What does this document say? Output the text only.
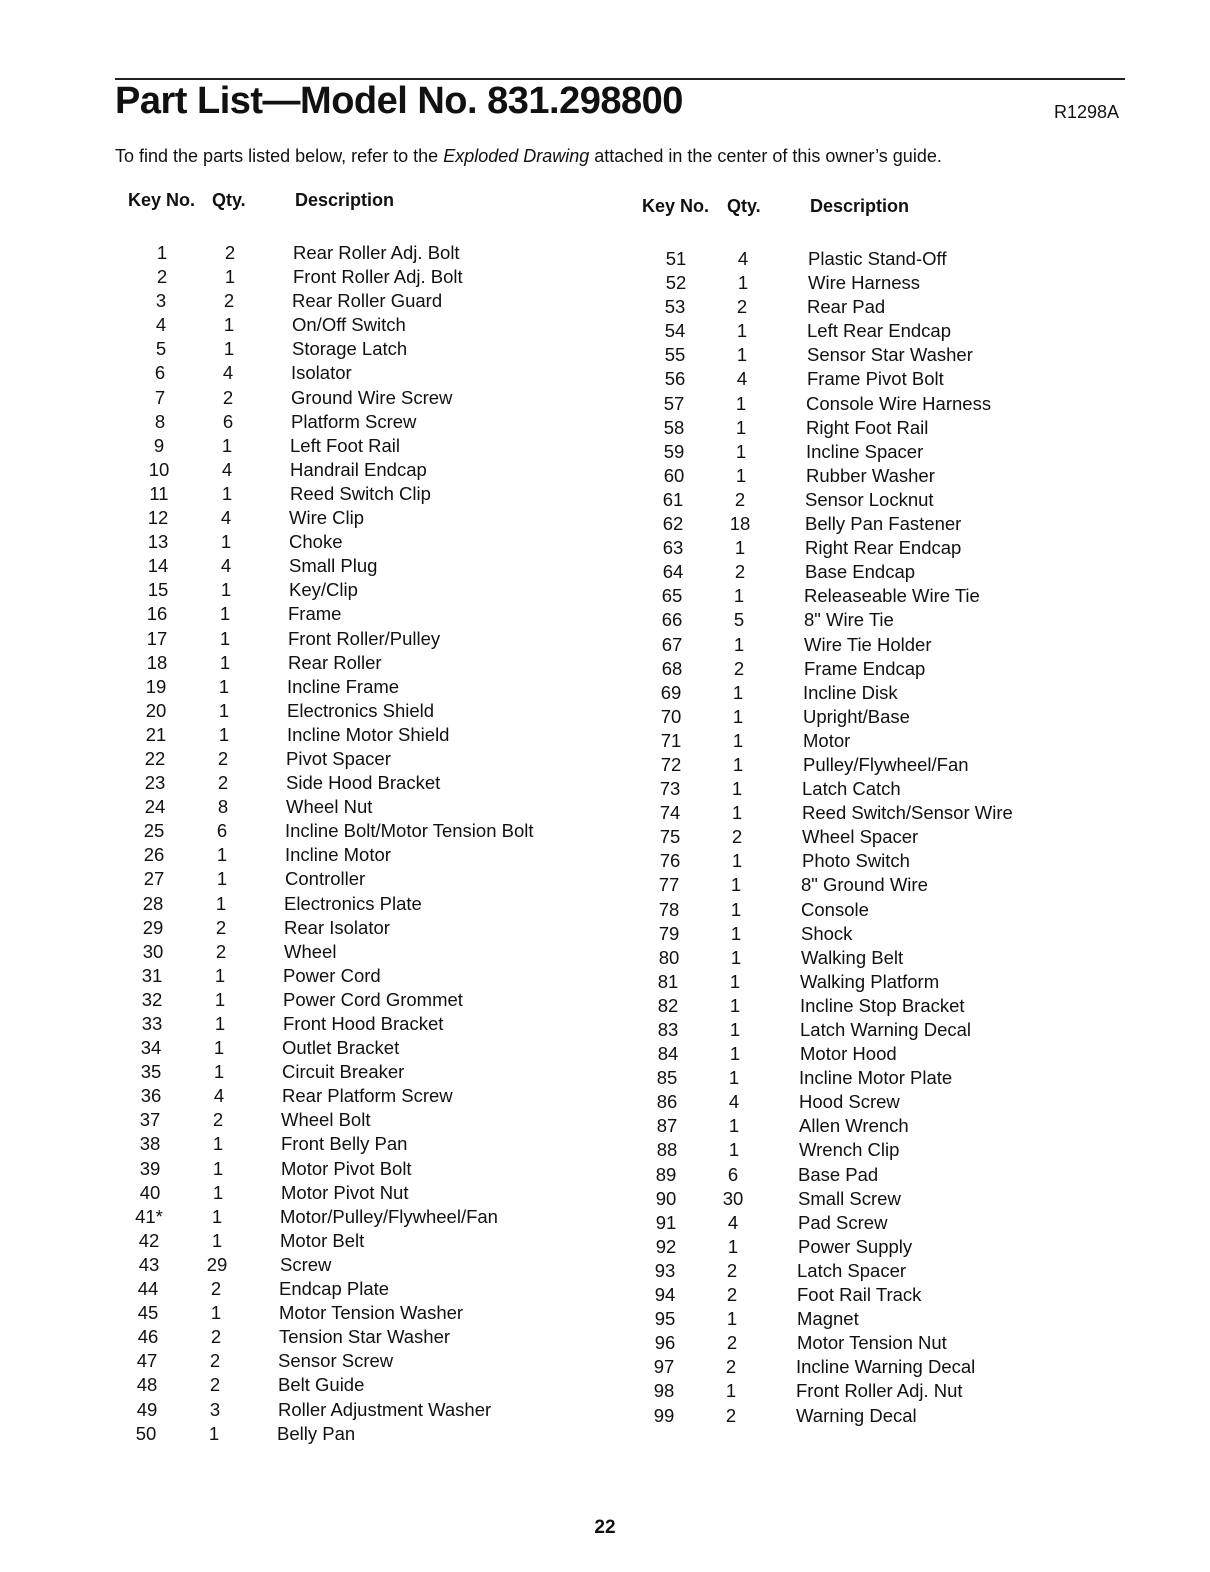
Part List—Model No. 831.298800	R1298A
To find the parts listed below, refer to the Exploded Drawing attached in the center of this owner’s guide.
Key No. Qty.	Description
1	2	Rear Roller Adj. Bolt
2	1	Front Roller Adj. Bolt
3	2	Rear Roller Guard
4	1	On/Off Switch
5	1	Storage Latch
6	4	Isolator
7	2	Ground Wire Screw
8	6	Platform Screw
9	1	Left Foot Rail
10	4	Handrail Endcap
11	1	Reed Switch Clip
12	4	Wire Clip
13	1	Choke
14	4	Small Plug
15	1	Key/Clip
16	1	Frame
17	1	Front Roller/Pulley
18	1	Rear Roller
19	1	Incline Frame
20	1	Electronics Shield
21	1	Incline Motor Shield
22	2	Pivot Spacer
23	2	Side Hood Bracket
24	8	Wheel Nut
25	6	Incline Bolt/Motor Tension Bolt
26	1	Incline Motor
27	1	Controller
28	1	Electronics Plate
29	2	Rear Isolator
30	2	Wheel
31	1	Power Cord
32	1	Power Cord Grommet
33	1	Front Hood Bracket
34	1	Outlet Bracket
35	1	Circuit Breaker
36	4	Rear Platform Screw
37	2	Wheel Bolt
38	1	Front Belly Pan
39	1	Motor Pivot Bolt
40	1	Motor Pivot Nut
41*	1	Motor/Pulley/Flywheel/Fan
42	1	Motor Belt
43	29	Screw
44	2	Endcap Plate
45	1	Motor Tension Washer
46	2	Tension Star Washer
47	2	Sensor Screw
48	2	Belt Guide
49	3	Roller Adjustment Washer
50	1	Belly Pan
Key No. Qty.	Description
51	4	Plastic Stand-Off
52	1	Wire Harness
53	2	Rear Pad
54	1	Left Rear Endcap
55	1	Sensor Star Washer
56	4	Frame Pivot Bolt
57	1	Console Wire Harness
58	1	Right Foot Rail
59	1	Incline Spacer
60	1	Rubber Washer
61	2	Sensor Locknut
62	18	Belly Pan Fastener
63	1	Right Rear Endcap
64	2	Base Endcap
65	1	Releaseable Wire Tie
66	5	8" Wire Tie
67	1	Wire Tie Holder
68	2	Frame Endcap
69	1	Incline Disk
70	1	Upright/Base
71	1	Motor
72	1	Pulley/Flywheel/Fan
73	1	Latch Catch
74	1	Reed Switch/Sensor Wire
75	2	Wheel Spacer
76	1	Photo Switch
77	1	8" Ground Wire
78	1	Console
79	1	Shock
80	1	Walking Belt
81	1	Walking Platform
82	1	Incline Stop Bracket
83	1	Latch Warning Decal
84	1	Motor Hood
85	1	Incline Motor Plate
86	4	Hood Screw
87	1	Allen Wrench
88	1	Wrench Clip
89	6	Base Pad
90	30	Small Screw
91	4	Pad Screw
92	1	Power Supply
93	2	Latch Spacer
94	2	Foot Rail Track
95	1	Magnet
96	2	Motor Tension Nut
97	2	Incline Warning Decal
98	1	Front Roller Adj. Nut
99	2	Warning Decal
22
